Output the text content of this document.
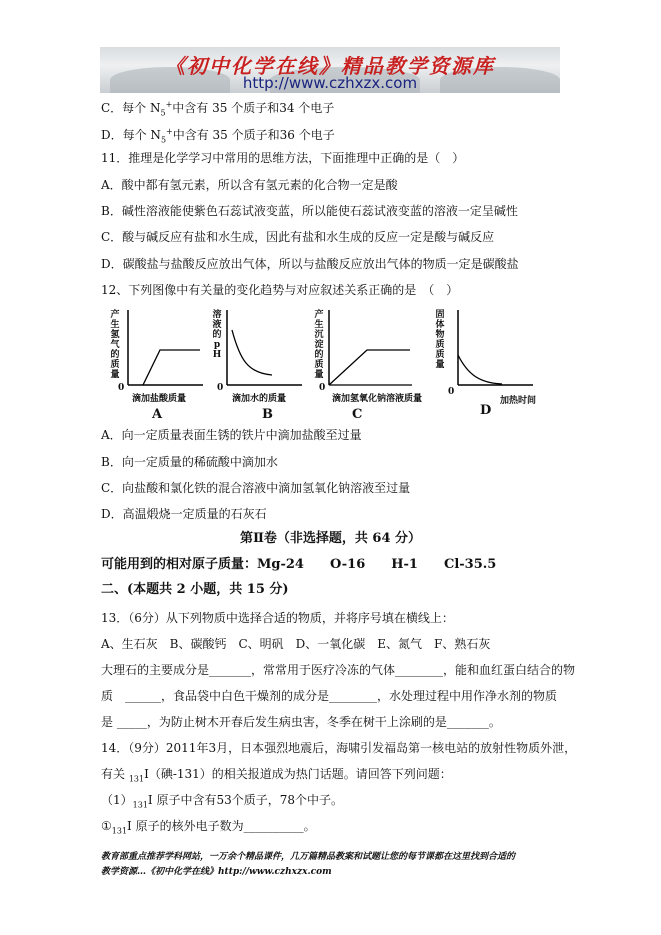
《初中化学在线》精品教学资源库
http://www.czhxzx.com
C．每个 $N_5^+$中含有 35 个质子和34 个电子
D．每个 $N_5^+$中含有 35 个质子和36 个电子
11．推理是化学学习中常用的思维方法，下面推理中正确的是（　）
A．酸中都有氢元素，所以含有氢元素的化合物一定是酸
B．碱性溶液能使紫色石蕊试液变蓝，所以能使石蕊试液变蓝的溶液一定呈碱性
C．酸与碱反应有盐和水生成，因此有盐和水生成的反应一定是酸与碱反应
D．碳酸盐与盐酸反应放出气体，所以与盐酸反应放出气体的物质一定是碳酸盐
12、下列图像中有关量的变化趋势与对应叙述关系正确的是　（　）
产生氢气的质量
0
滴加盐酸质量
A
溶液的pH
0
滴加水的质量
B
产生沉淀的质量
0
滴加氢氧化钠溶液质量
C
固体物质质量
0
加热时间
D
A．向一定质量表面生锈的铁片中滴加盐酸至过量
B．向一定质量的稀硫酸中滴加水
C．向盐酸和氯化铁的混合溶液中滴加氢氧化钠溶液至过量
D．高温煅烧一定质量的石灰石
第Ⅱ卷（非选择题，共 64 分）
可能用到的相对原子质量：Mg-24　　O-16　　H-1　　Cl-35.5
二、(本题共 2 小题，共 15 分)
13．（6分）从下列物质中选择合适的物质，并将序号填在横线上：
A、生石灰　B、碳酸钙　C、明矾　D、一氧化碳　E、氮气　F、熟石灰
大理石的主要成分是_______，常常用于医疗冷冻的气体________，能和血红蛋白结合的物
质　______，食品袋中白色干燥剂的成分是________，水处理过程中用作净水剂的物质
是 _____，为防止树木开春后发生病虫害，冬季在树干上涂刷的是_______。
14．（9分）2011年3月，日本强烈地震后，海啸引发福岛第一核电站的放射性物质外泄，
有关 $_{131}$I（碘-131）的相关报道成为热门话题。请回答下列问题：
$(1)_{131}I$ 原子中含有53个质子，78个中子。
$①_{131}I$ 原子的核外电子数为__________。
教育部重点推荐学科网站，一万余个精品课件，几万篇精品教案和试题让您的每节课都在这里找到合适的
教学资源…《初中化学在线》http://www.czhxzx.com
